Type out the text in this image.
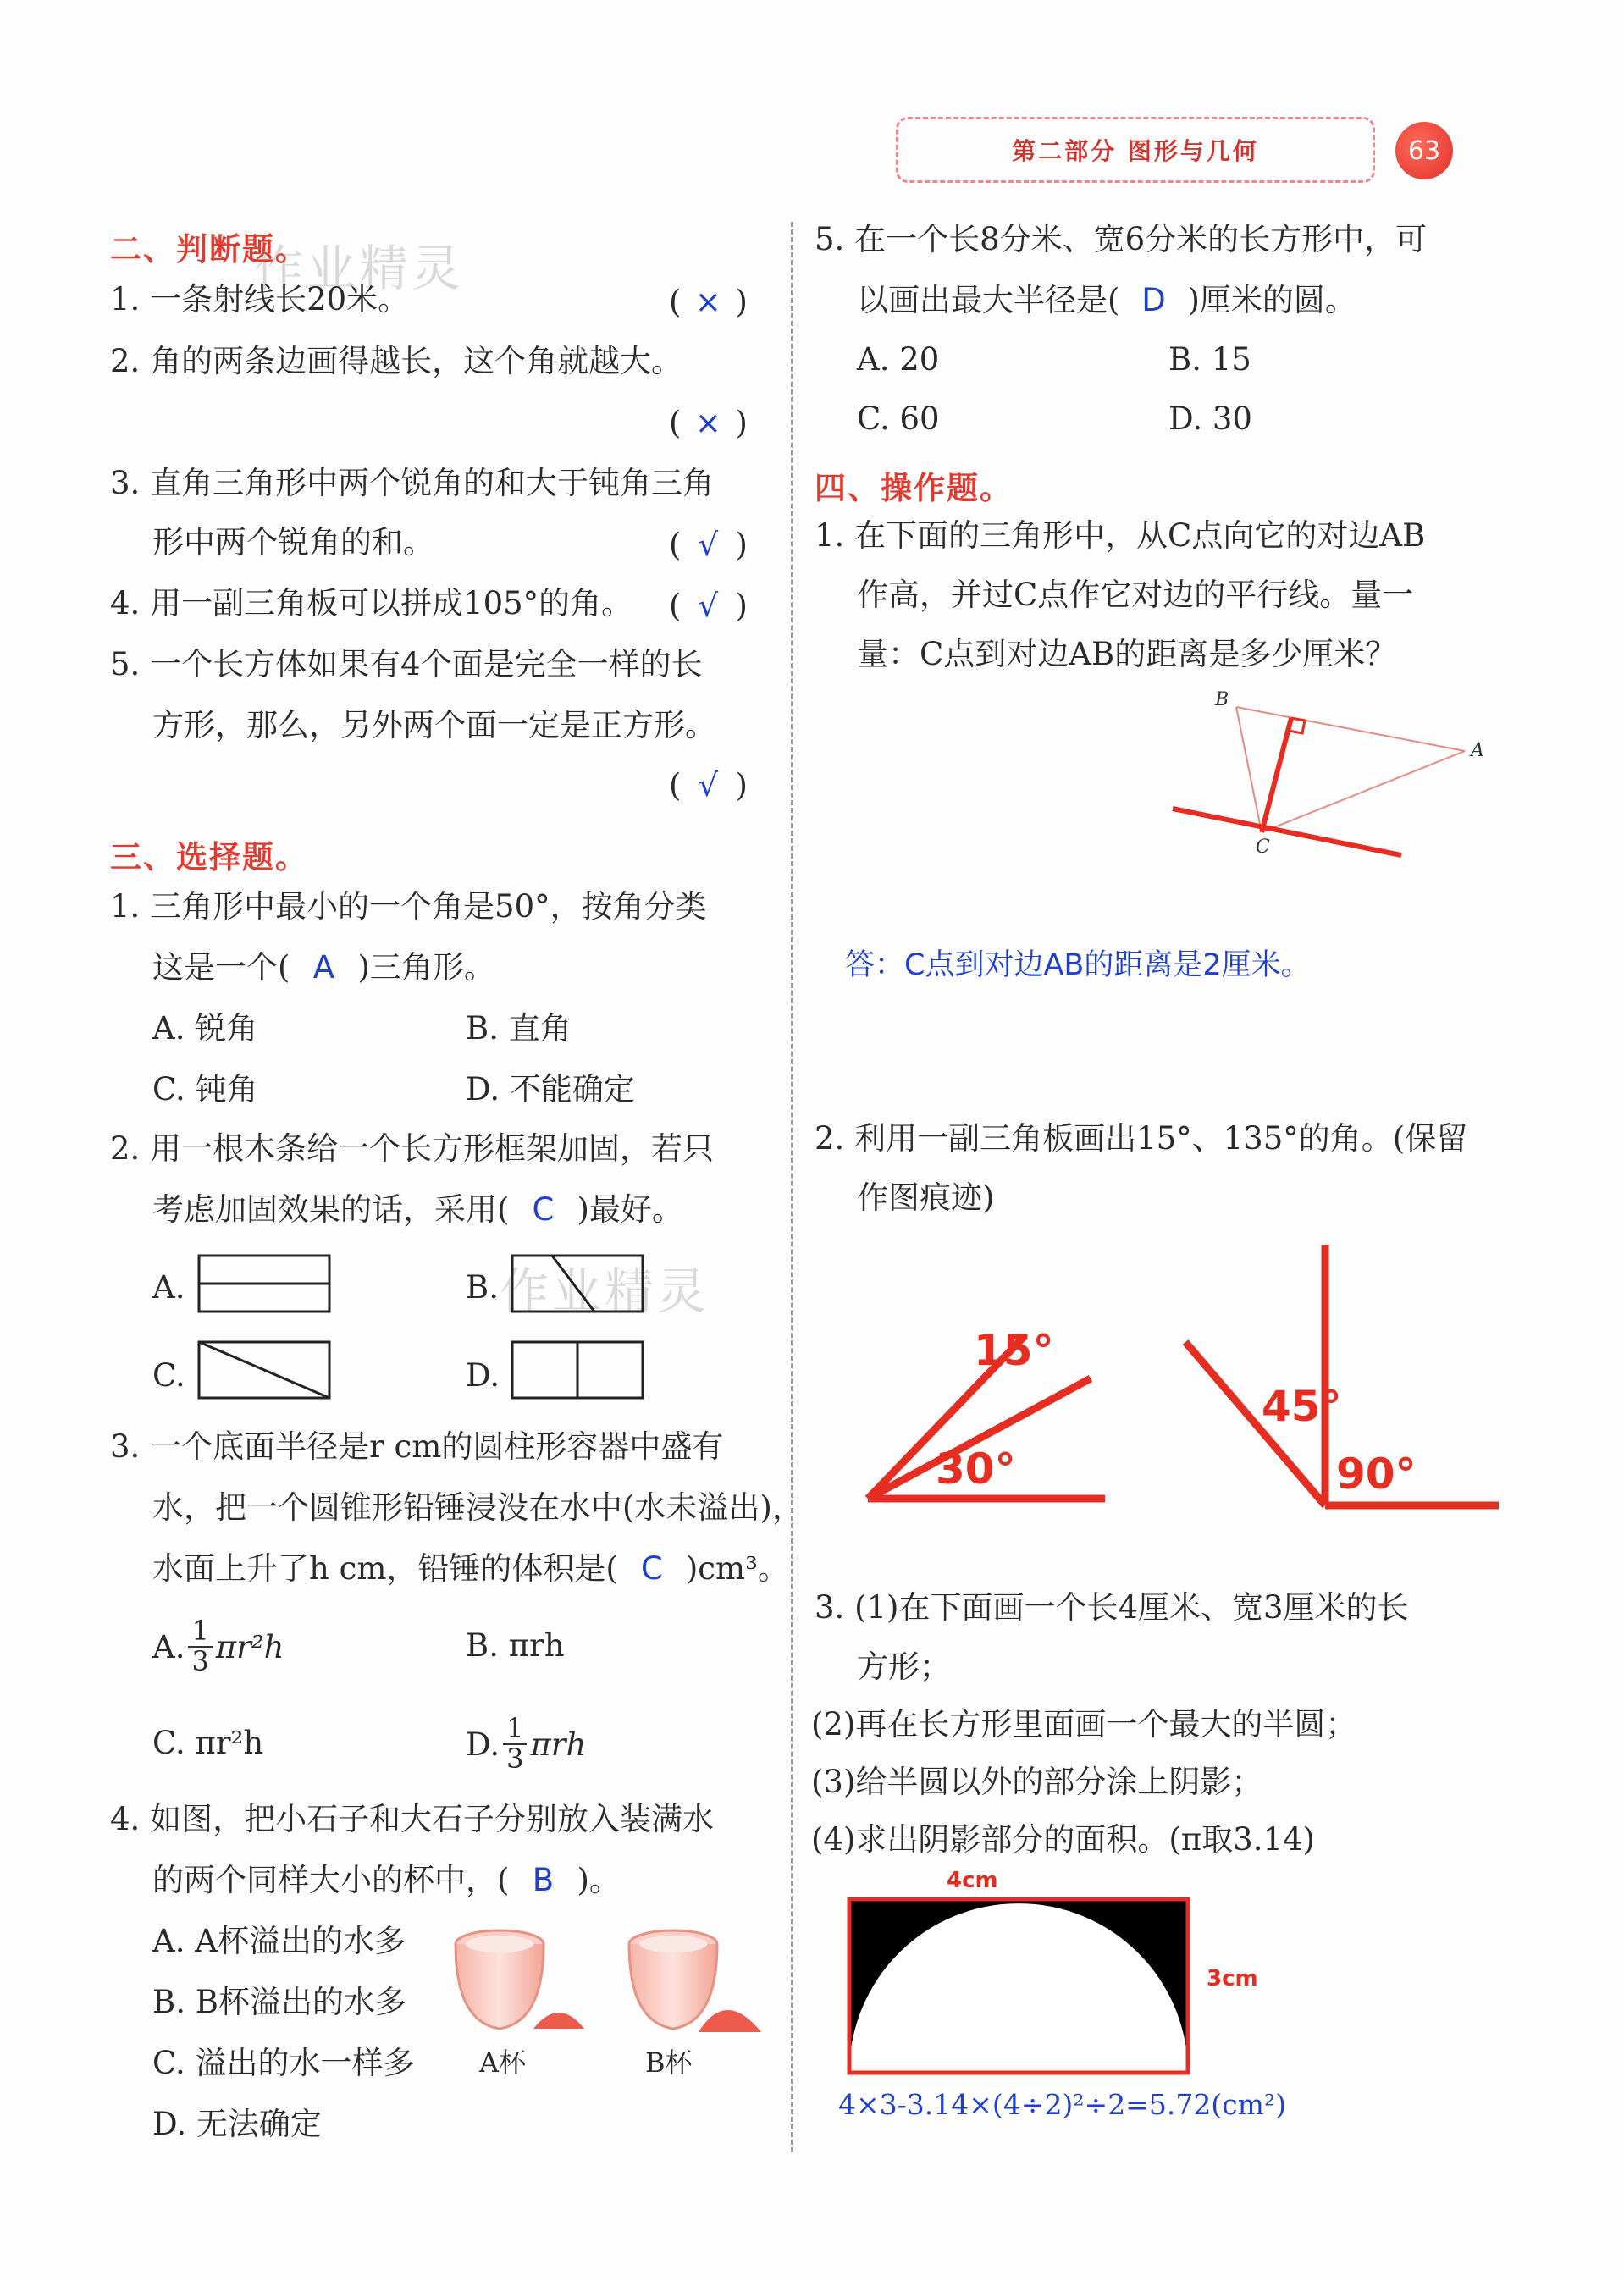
第二部分 图形与几何	63
作业精灵
作业精灵
二、判断题。
1. 一条射线长20米。	( × )
2. 角的两条边画得越长，这个角就越大。
( × )
3. 直角三角形中两个锐角的和大于钝角三角
形中两个锐角的和。	( √ )
4. 用一副三角板可以拼成105°的角。 ( √ )
5. 一个长方体如果有4个面是完全一样的长
方形，那么，另外两个面一定是正方形。
( √ )
三、选择题。
1. 三角形中最小的一个角是50°，按角分类
这是一个( A )三角形。
A. 锐角	B. 直角
C. 钝角	D. 不能确定
2. 用一根木条给一个长方形框架加固，若只
考虑加固效果的话，采用( C )最好。
A.	B.
C.	D.
3. 一个底面半径是r cm的圆柱形容器中盛有
水，把一个圆锥形铅锤浸没在水中(水未溢出)，
水面上升了h cm，铅锤的体积是( C )cm³。
A. $\frac{1}{3} \pi r^2h$	B. πrh
C. πr²h	D. $\frac{1}{3}$ πrh
4. 如图，把小石子和大石子分别放入装满水
的两个同样大小的杯中，( B )。
A. A杯溢出的水多
B. B杯溢出的水多
C. 溢出的水一样多
D. 无法确定
A杯	B杯
5. 在一个长8分米、宽6分米的长方形中，可
以画出最大半径是( D )厘米的圆。
A. 20	B. 15
C. 60	D. 30
四、操作题。
1. 在下面的三角形中，从C点向它的对边AB
作高，并过C点作它对边的平行线。量一
量：C点到对边AB的距离是多少厘米？
B
A
C
答：C点到对边AB的距离是2厘米。
2. 利用一副三角板画出15°、135°的角。(保留
作图痕迹)
15°
30°
45°
90°
3. (1)在下面画一个长4厘米、宽3厘米的长
方形；
(2)再在长方形里面画一个最大的半圆；
(3)给半圆以外的部分涂上阴影；
(4)求出阴影部分的面积。(π取3.14)
4cm
3cm
4×3-3.14×(4÷2)²÷2=5.72(cm²)
